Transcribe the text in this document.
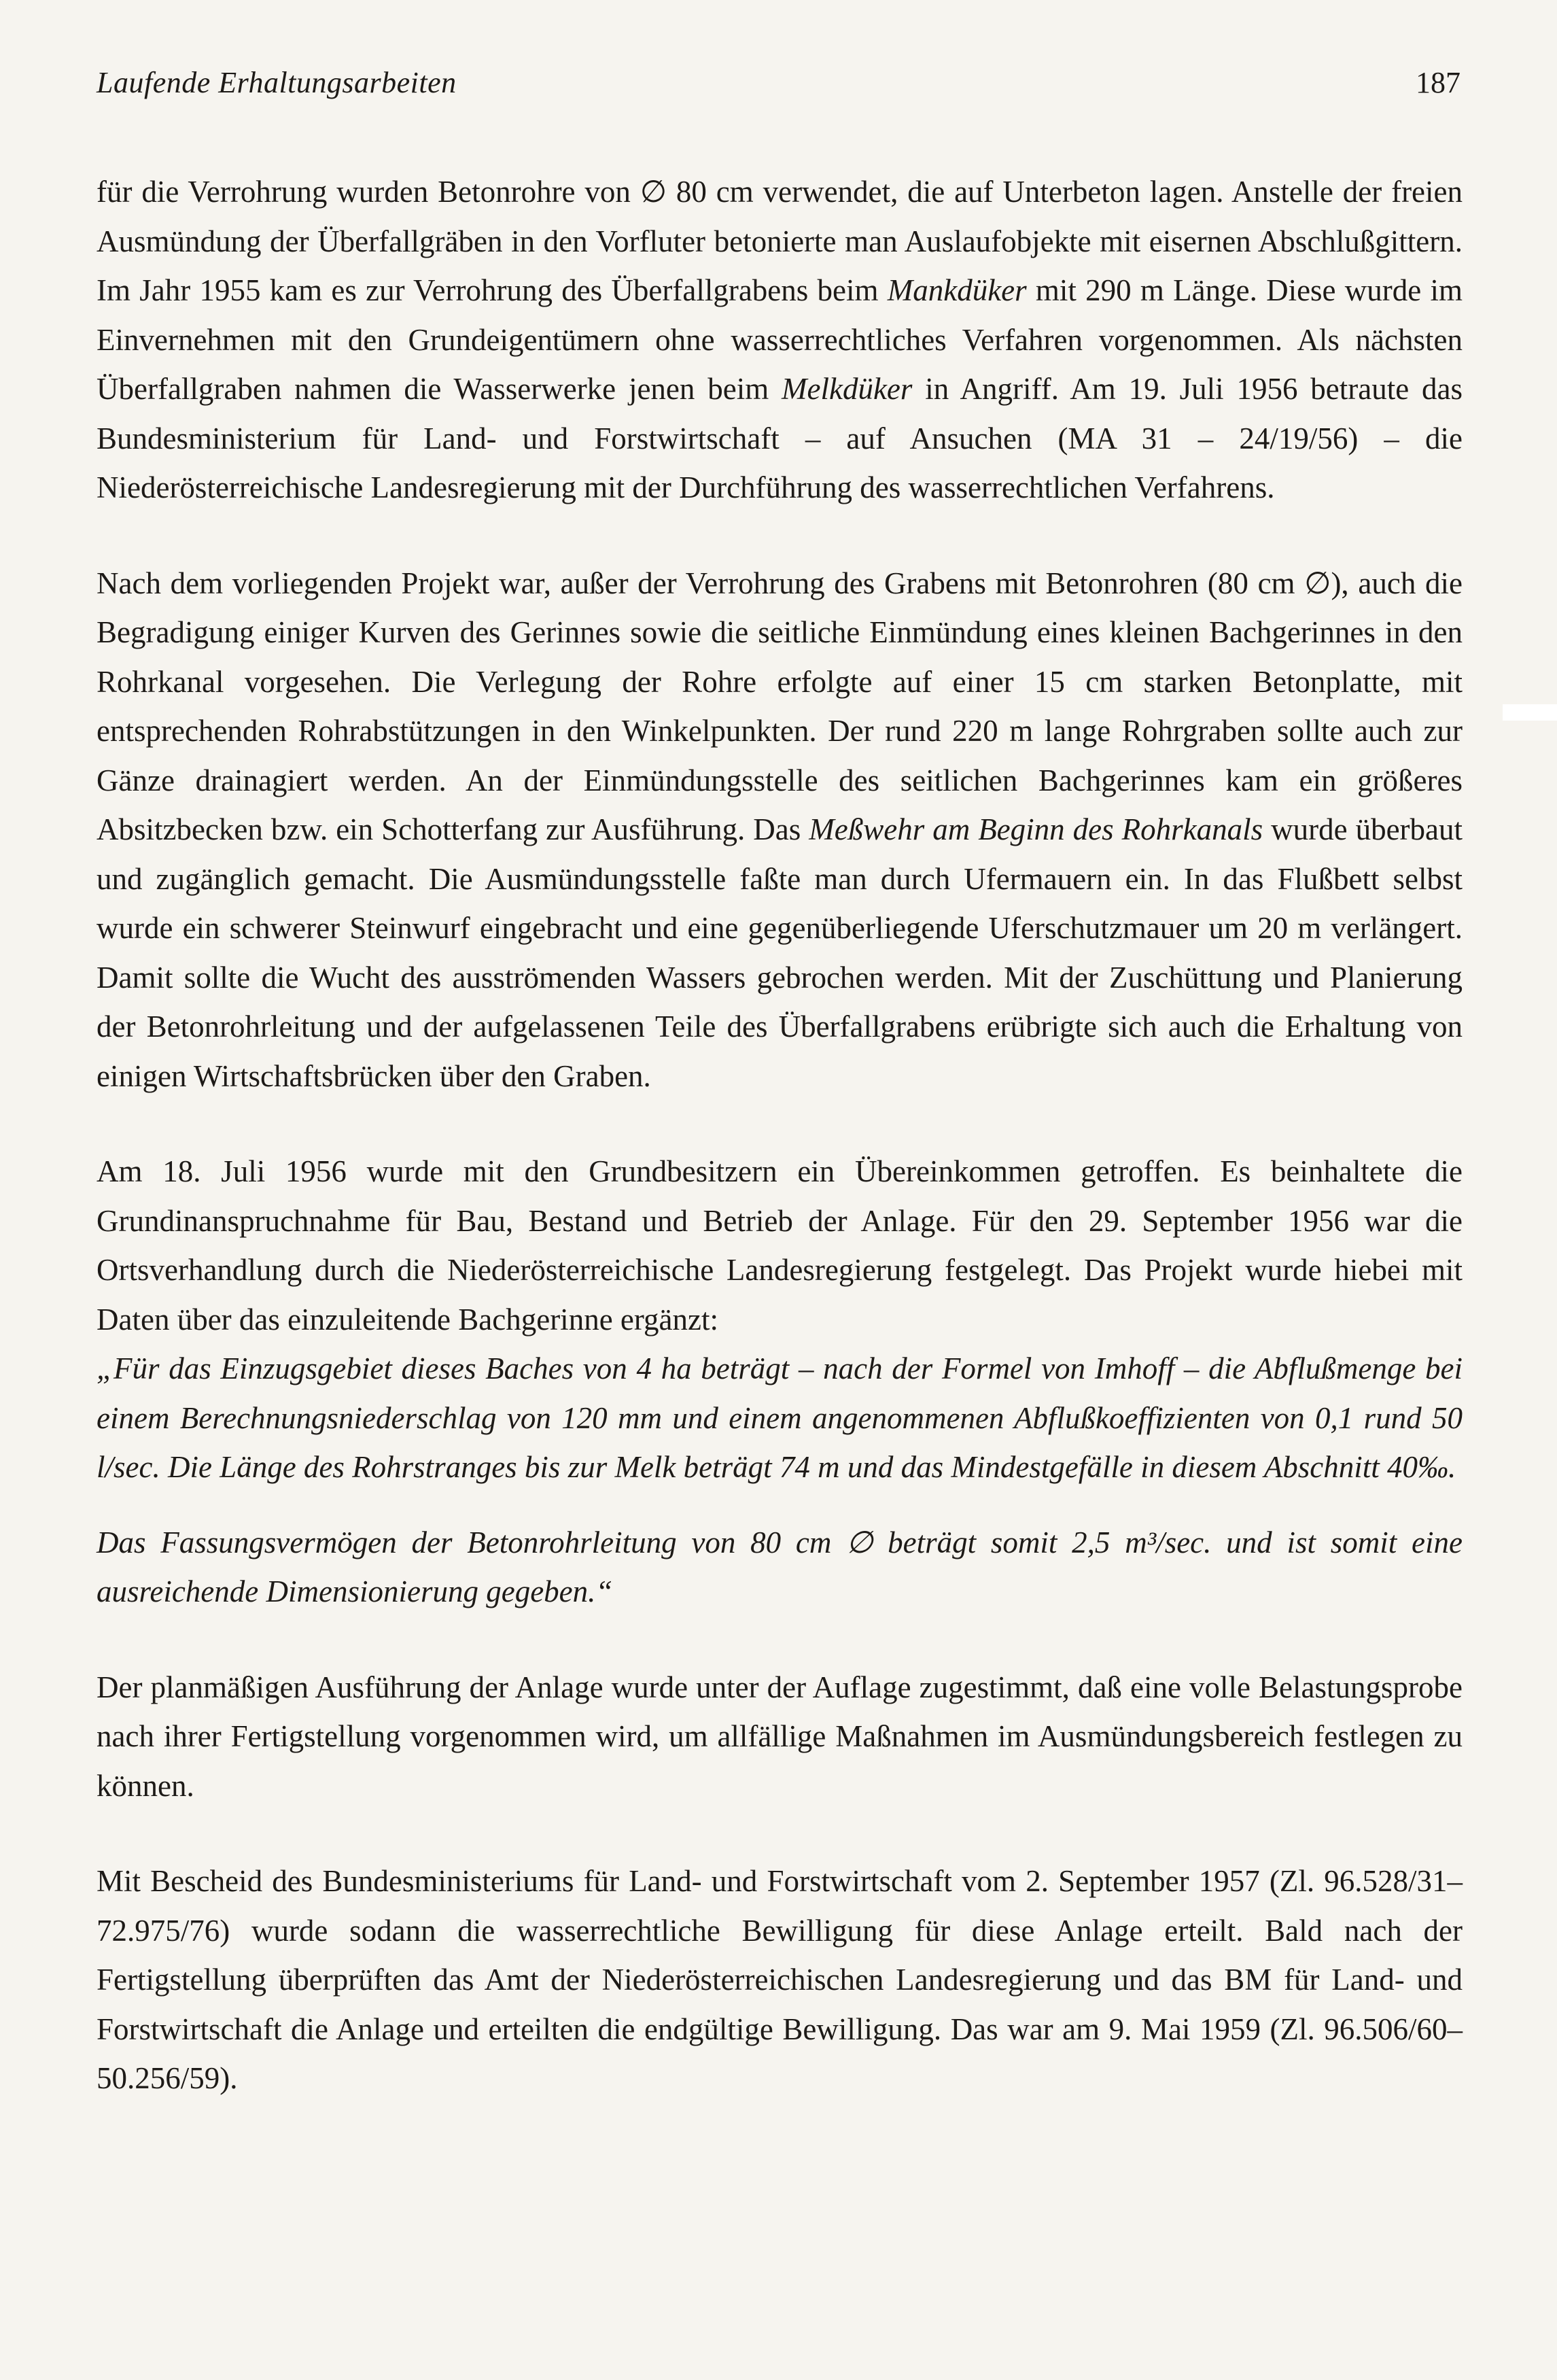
Laufende Erhaltungsarbeiten	187

für die Verrohrung wurden Betonrohre von ∅ 80 cm verwendet, die auf Unterbeton lagen. Anstelle der freien Ausmündung der Überfallgräben in den Vorfluter betonierte man Auslaufobjekte mit eisernen Abschlußgittern. Im Jahr 1955 kam es zur Verrohrung des Überfallgrabens beim Mankdüker mit 290 m Länge. Diese wurde im Einvernehmen mit den Grundeigentümern ohne wasserrechtliches Verfahren vorgenommen. Als nächsten Überfallgraben nahmen die Wasserwerke jenen beim Melkdüker in Angriff. Am 19. Juli 1956 betraute das Bundesministerium für Land- und Forstwirtschaft – auf Ansuchen (MA 31 – 24/19/56) – die Niederösterreichische Landesregierung mit der Durchführung des wasserrechtlichen Verfahrens.

Nach dem vorliegenden Projekt war, außer der Verrohrung des Grabens mit Betonrohren (80 cm ∅), auch die Begradigung einiger Kurven des Gerinnes sowie die seitliche Einmündung eines kleinen Bachgerinnes in den Rohrkanal vorgesehen. Die Verlegung der Rohre erfolgte auf einer 15 cm starken Betonplatte, mit entsprechenden Rohrabstützungen in den Winkelpunkten. Der rund 220 m lange Rohrgraben sollte auch zur Gänze drainagiert werden. An der Einmündungsstelle des seitlichen Bachgerinnes kam ein größeres Absitzbecken bzw. ein Schotterfang zur Ausführung. Das Meßwehr am Beginn des Rohrkanals wurde überbaut und zugänglich gemacht. Die Ausmündungsstelle faßte man durch Ufermauern ein. In das Flußbett selbst wurde ein schwerer Steinwurf eingebracht und eine gegenüberliegende Uferschutzmauer um 20 m verlängert. Damit sollte die Wucht des ausströmenden Wassers gebrochen werden. Mit der Zuschüttung und Planierung der Betonrohrleitung und der aufgelassenen Teile des Überfallgrabens erübrigte sich auch die Erhaltung von einigen Wirtschaftsbrücken über den Graben.

Am 18. Juli 1956 wurde mit den Grundbesitzern ein Übereinkommen getroffen. Es beinhaltete die Grundinanspruchnahme für Bau, Bestand und Betrieb der Anlage. Für den 29. September 1956 war die Ortsverhandlung durch die Niederösterreichische Landesregierung festgelegt. Das Projekt wurde hiebei mit Daten über das einzuleitende Bachgerinne ergänzt:

„Für das Einzugsgebiet dieses Baches von 4 ha beträgt – nach der Formel von Imhoff – die Abflußmenge bei einem Berechnungsniederschlag von 120 mm und einem angenommenen Abflußkoeffizienten von 0,1 rund 50 l/sec. Die Länge des Rohrstranges bis zur Melk beträgt 74 m und das Mindestgefälle in diesem Abschnitt 40‰.

Das Fassungsvermögen der Betonrohrleitung von 80 cm ∅ beträgt somit 2,5 m³/sec. und ist somit eine ausreichende Dimensionierung gegeben.“

Der planmäßigen Ausführung der Anlage wurde unter der Auflage zugestimmt, daß eine volle Belastungsprobe nach ihrer Fertigstellung vorgenommen wird, um allfällige Maßnahmen im Ausmündungsbereich festlegen zu können.

Mit Bescheid des Bundesministeriums für Land- und Forstwirtschaft vom 2. September 1957 (Zl. 96.528/31–72.975/76) wurde sodann die wasserrechtliche Bewilligung für diese Anlage erteilt. Bald nach der Fertigstellung überprüften das Amt der Niederösterreichischen Landesregierung und das BM für Land- und Forstwirtschaft die Anlage und erteilten die endgültige Bewilligung. Das war am 9. Mai 1959 (Zl. 96.506/60–50.256/59).
